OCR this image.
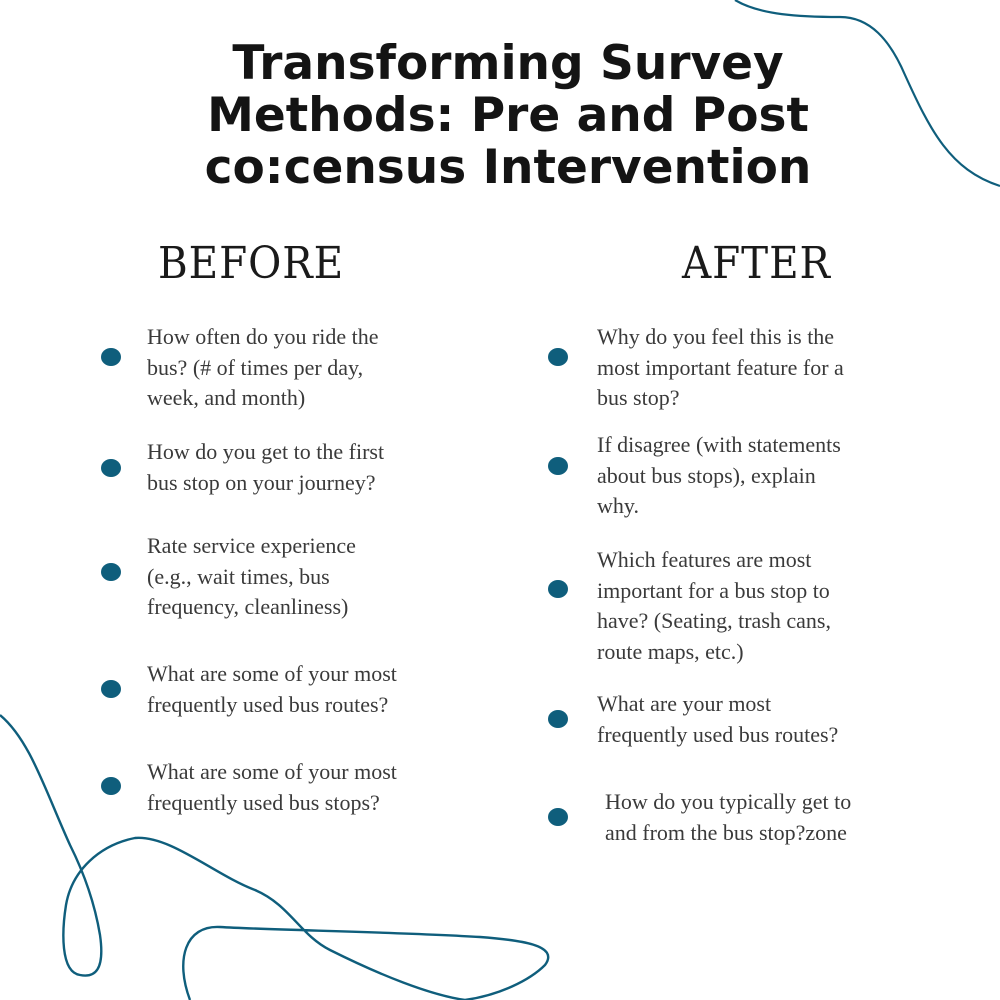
Transforming Survey
Methods: Pre and Post
co:census Intervention
BEFORE	AFTER
How often do you ride the
bus? (# of times per day,
week, and month)
How do you get to the first
bus stop on your journey?
Rate service experience
(e.g., wait times, bus
frequency, cleanliness)
What are some of your most
frequently used bus routes?
What are some of your most
frequently used bus stops?
Why do you feel this is the
most important feature for a
bus stop?
If disagree (with statements
about bus stops), explain
why.
Which features are most
important for a bus stop to
have? (Seating, trash cans,
route maps, etc.)
What are your most
frequently used bus routes?
How do you typically get to
and from the bus stop?zone
